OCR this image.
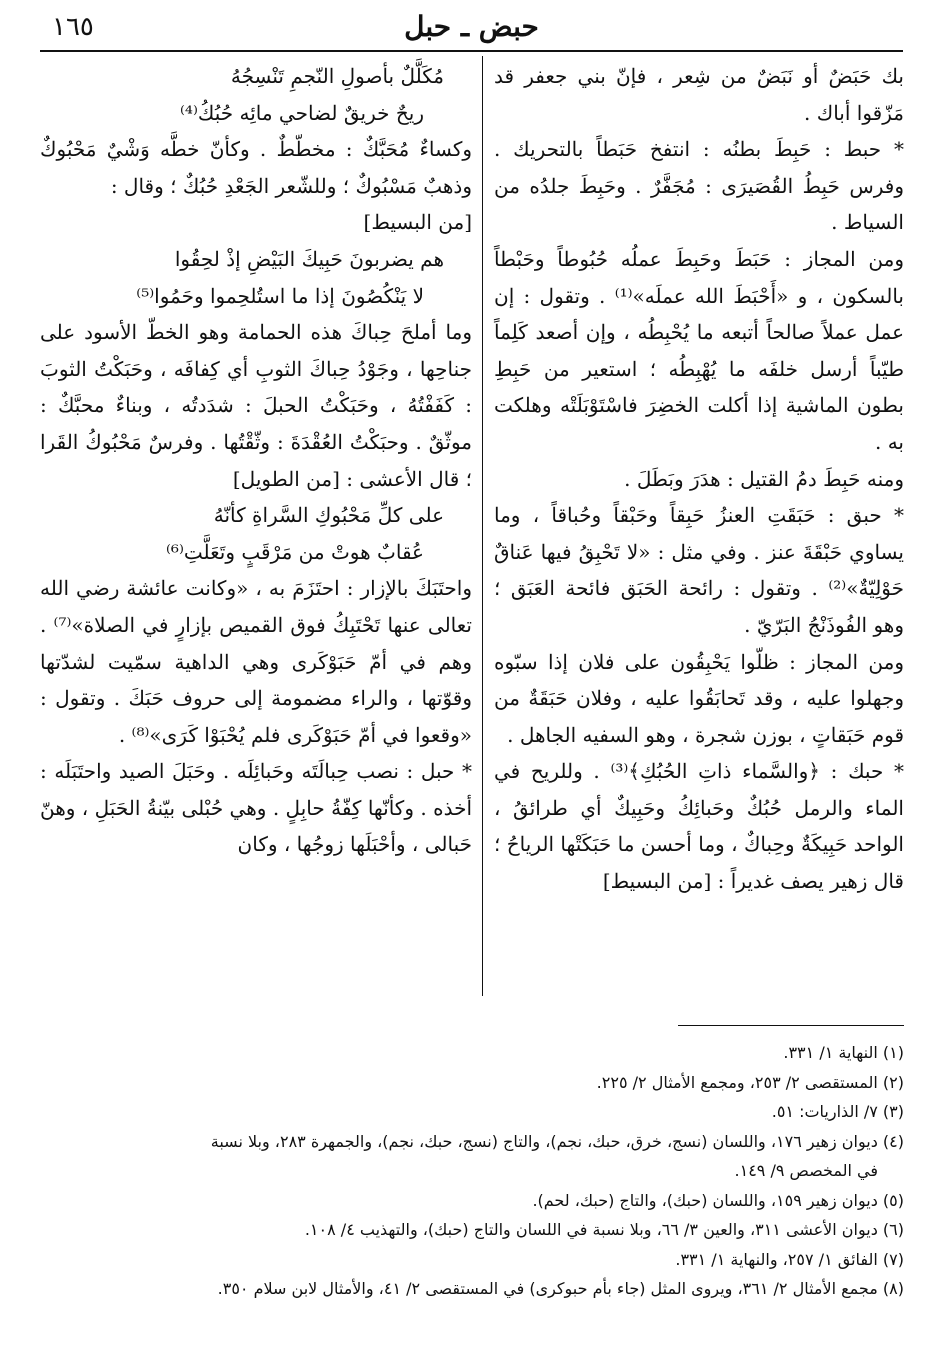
١٦٥	حبض ـ حبل

بك حَبَضٌ أو نَبَضٌ من شِعر ، فإنّ بني جعفر قد مَزّقوا أباك .

* حبط : حَبِطَ بطنُه : انتفخ حَبَطاً بالتحريك . وفرس حَبِطُ القُصَيرَى : مُجَفَّرٌ . وحَبِطَ جلدُه من السياط .

ومن المجاز : حَبَطَ وحَبِطَ عملُه حُبُوطاً وحَبْطاً بالسكون ، و «أَحْبَطَ الله عملَه»⁽¹⁾ . وتقول : إن عمل عملاً صالحاً أتبعه ما يُحْبِطُه ، وإن أصعد كَلِماً طيّباً أرسل خلفَه ما يُهْبِطُه ؛ استعير من حَبِطِ بطون الماشية إذا أكلت الخضِرَ فاسْتَوْبَلَتْه وهلكت به .

ومنه حَبِطَ دمُ القتيل : هدَرَ وبَطَلَ .

* حبق : حَبَقَتِ العنزُ حَبِقاً وحَبْقاً وحُباقاً ، وما يساوي حَبْقَةَ عنز . وفي مثل : «لا تَحْبِقُ فيها عَناقٌ حَوْلِيّةٌ»⁽²⁾ . وتقول : رائحة الحَبَق فائحة العَبَق ؛ وهو الفُوذَنْجُ البَرّيّ .

ومن المجاز : ظلّوا يَحْبِقُون على فلان إذا سبّوه وجهلوا عليه ، وقد تَحابَقُوا عليه ، وفلان حَبَقَةٌ من قوم حَبَقاتٍ ، بوزن شجرة ، وهو السفيه الجاهل .

* حبك : ﴿والسَّماء ذاتِ الحُبُكِ﴾⁽³⁾ . وللريح في الماء والرمل حُبُكٌ وحَبائِكُ وحَبِيكٌ أي طرائقُ ، الواحد حَبِيكَةٌ وحِباكٌ ، وما أحسن ما حَبَكَتْها الرياحُ ؛ قال زهير يصف غديراً : [من البسيط]

مُكَلَّلٌ بأصولِ النّجمِ تَنْسِجُهُ
ريحٌ خريقٌ لضاحي مائِه حُبُكُ⁽⁴⁾

وكساءٌ مُحَبَّكٌ : مخطّطٌ . وكأنّ خطَّه وَشْيٌ مَحْبُوكٌ وذهبٌ مَسْبُوكٌ ؛ وللشّعر الجَعْدِ حُبُكٌ ؛ وقال :

[من البسيط]
هم يضربونَ حَبِيكَ البَيْضِ إذْ لحِقُوا
لا يَنْكُصُونَ إذا ما استُلحِموا وحَمُوا⁽⁵⁾

وما أملحَ حِباكَ هذه الحمامة وهو الخطّ الأسود على جناحِها ، وجَوْدُ حِباكَ الثوبِ أي كِفافَه ، وحَبَكْتُ الثوبَ : كَفَفْتُهُ ، وحَبَكْتُ الحبلَ : شدَدتُه ، وبناءٌ محبَّكٌ : موثّقٌ . وحبَكْتُ العُقْدَةَ : وثّقْتُها . وفرسٌ مَحْبُوكُ القَرا ؛ قال الأعشى : [من الطويل]

على كلِّ مَحْبُوكِ السَّراةِ كأنّهُ
عُقابٌ هوتْ من مَرْقَبٍ وتَعَلَّتِ⁽⁶⁾

واحتَبَكَ بالإزار : احتَزَمَ به ، «وكانت عائشة رضي الله تعالى عنها تَحْتَبِكُ فوق القميص بإزارٍ في الصلاة»⁽⁷⁾ . وهم في أمّ حَبَوْكَرى وهي الداهية سمّيت لشدّتها وقوّتها ، والراء مضمومة إلى حروف حَبَكَ . وتقول : «وقعوا في أمّ حَبَوْكَرى فلم يُحْبَوْا كَرَى»⁽⁸⁾ .

* حبل : نصب حِبالَتَه وحَبائِلَه . وحَبَلَ الصيد واحتَبَلَه : أخذه . وكأنّها كِفّةُ حابِلٍ . وهي حُبْلى بيّنةُ الحَبَلِ ، وهنّ حَبالى ، وأحْبَلَها زوجُها ، وكان

(١) النهاية ١/ ٣٣١.

(٢) المستقصى ٢/ ٢٥٣، ومجمع الأمثال ٢/ ٢٢٥.

(٣) ٧/ الذاريات: ٥١.

(٤) ديوان زهير ١٧٦، واللسان (نسج، خرق، حبك، نجم)، والتاج (نسج، حبك، نجم)، والجمهرة ٢٨٣، وبلا نسبة

في المخصص ٩/ ١٤٩.

(٥) ديوان زهير ١٥٩، واللسان (حبك)، والتاج (حبك، لحم).

(٦) ديوان الأعشى ٣١١، والعين ٣/ ٦٦، وبلا نسبة في اللسان والتاج (حبك)، والتهذيب ٤/ ١٠٨.

(٧) الفائق ١/ ٢٥٧، والنهاية ١/ ٣٣١.

(٨) مجمع الأمثال ٢/ ٣٦١، ويروى المثل (جاء بأم حبوكرى) في المستقصى ٢/ ٤١، والأمثال لابن سلام ٣٥٠.
